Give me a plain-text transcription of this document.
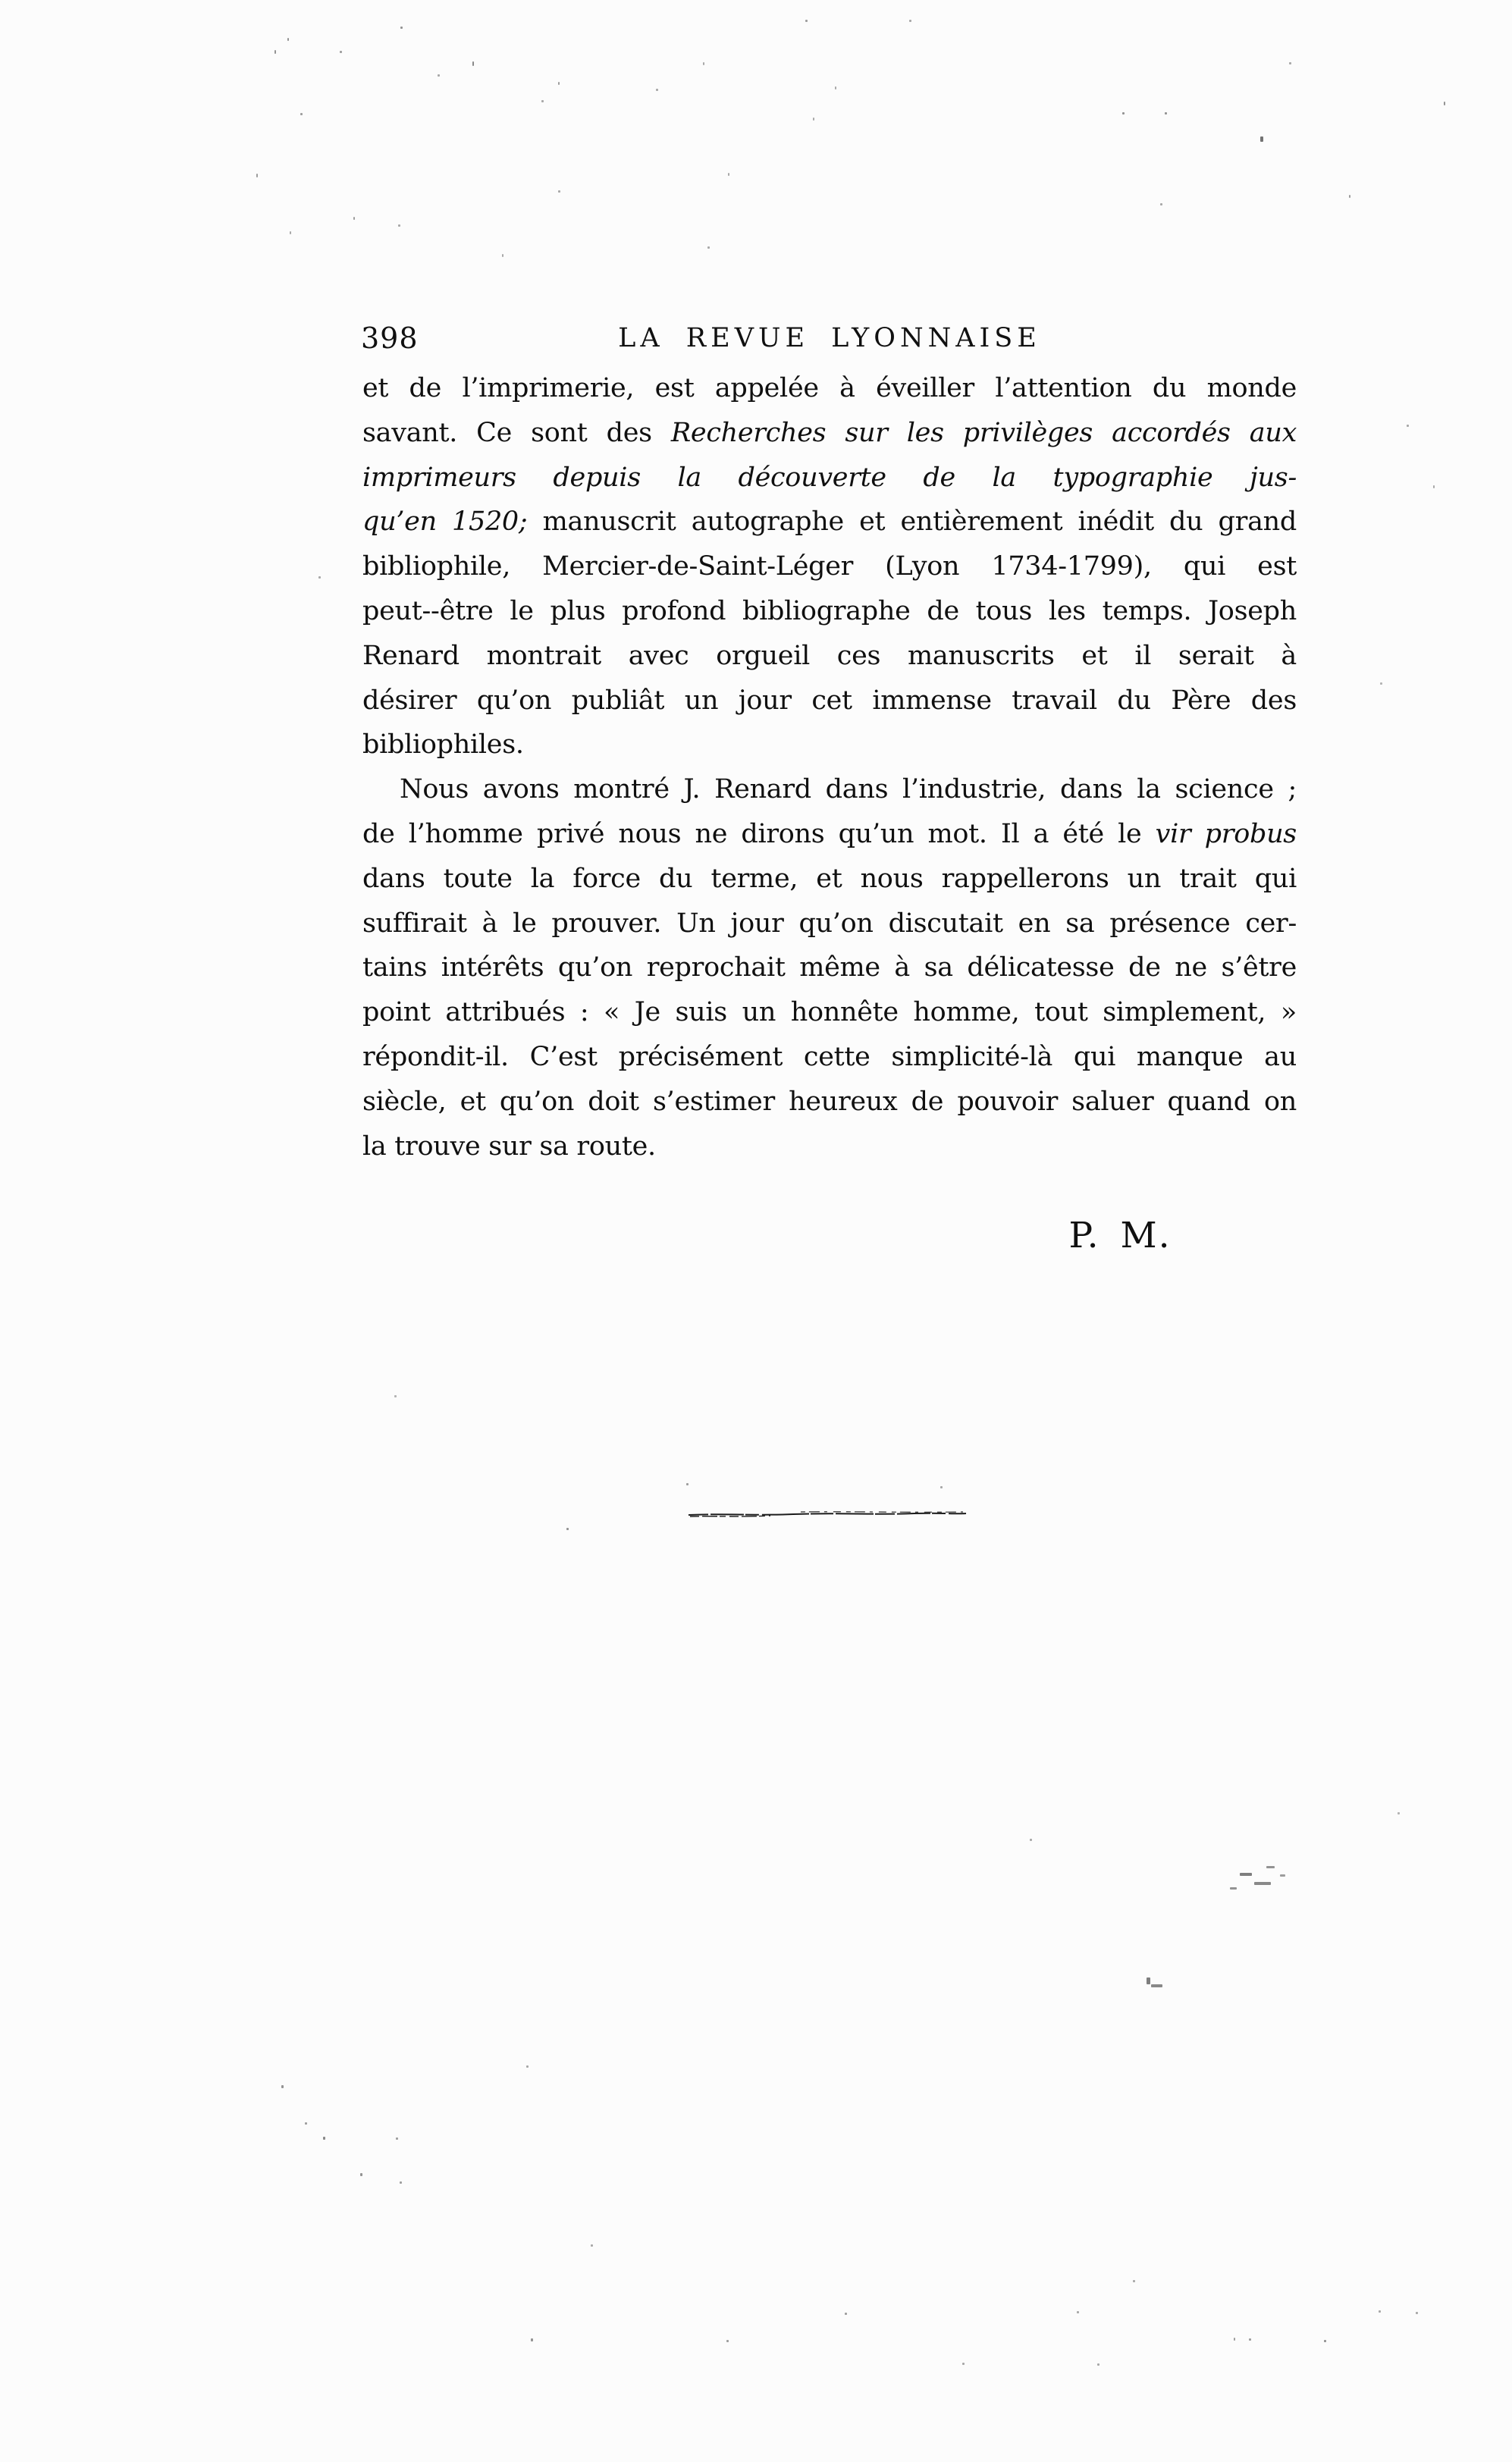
398	LA REVUE LYONNAISE
et de l’imprimerie, est appelée à éveiller l’attention du monde
savant. Ce sont des Recherches sur les privilèges accordés aux
imprimeurs depuis la découverte de la typographie jus-
qu’en 1520; manuscrit autographe et entièrement inédit du grand
bibliophile, Mercier-de-Saint-Léger (Lyon 1734-1799), qui est
peut--être le plus profond bibliographe de tous les temps. Joseph
Renard montrait avec orgueil ces manuscrits et il serait à
désirer qu’on publiât un jour cet immense travail du Père des
bibliophiles.
Nous avons montré J. Renard dans l’industrie, dans la science ;
de l’homme privé nous ne dirons qu’un mot. Il a été le vir probus
dans toute la force du terme, et nous rappellerons un trait qui
suffirait à le prouver. Un jour qu’on discutait en sa présence cer-
tains intérêts qu’on reprochait même à sa délicatesse de ne s’être
point attribués : « Je suis un honnête homme, tout simplement, »
répondit-il. C’est précisément cette simplicité-là qui manque au
siècle, et qu’on doit s’estimer heureux de pouvoir saluer quand on
la trouve sur sa route.
P. M.
